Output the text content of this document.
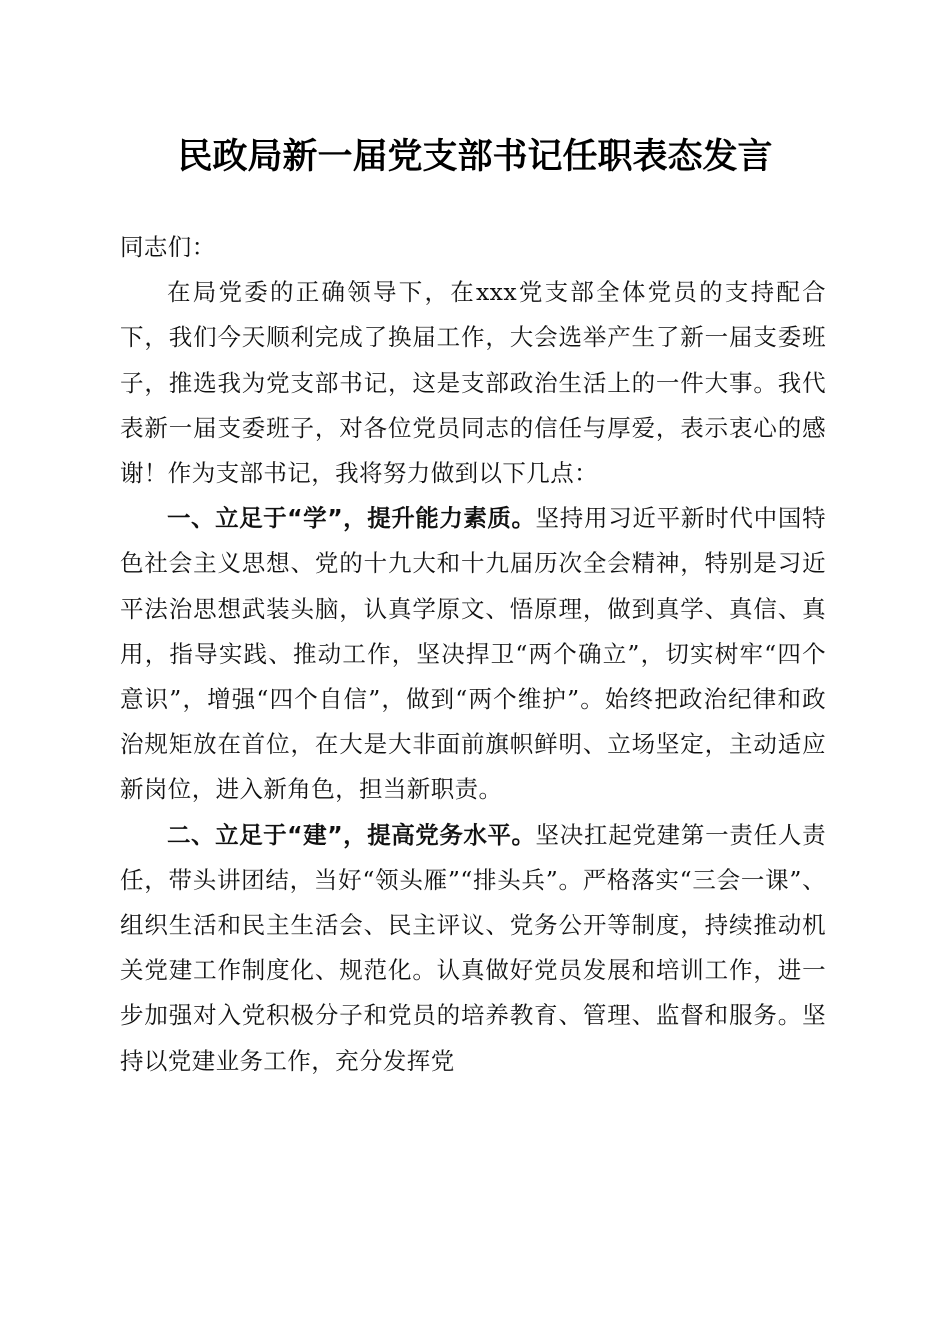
民政局新一届党支部书记任职表态发言

同志们：

在局党委的正确领导下，在xxx党支部全体党员的支持配合下，我们今天顺利完成了换届工作，大会选举产生了新一届支委班子，推选我为党支部书记，这是支部政治生活上的一件大事。我代表新一届支委班子，对各位党员同志的信任与厚爱，表示衷心的感谢！作为支部书记，我将努力做到以下几点：

一、立足于“学”，提升能力素质。坚持用习近平新时代中国特色社会主义思想、党的十九大和十九届历次全会精神，特别是习近平法治思想武装头脑，认真学原文、悟原理，做到真学、真信、真用，指导实践、推动工作，坚决捍卫“两个确立”，切实树牢“四个意识”，增强“四个自信”，做到“两个维护”。始终把政治纪律和政治规矩放在首位，在大是大非面前旗帜鲜明、立场坚定，主动适应新岗位，进入新角色，担当新职责。

二、立足于“建”，提高党务水平。坚决扛起党建第一责任人责任，带头讲团结，当好“领头雁”“排头兵”。严格落实“三会一课”、组织生活和民主生活会、民主评议、党务公开等制度，持续推动机关党建工作制度化、规范化。认真做好党员发展和培训工作，进一步加强对入党积极分子和党员的培养教育、管理、监督和服务。坚持以党建业务工作，充分发挥党
